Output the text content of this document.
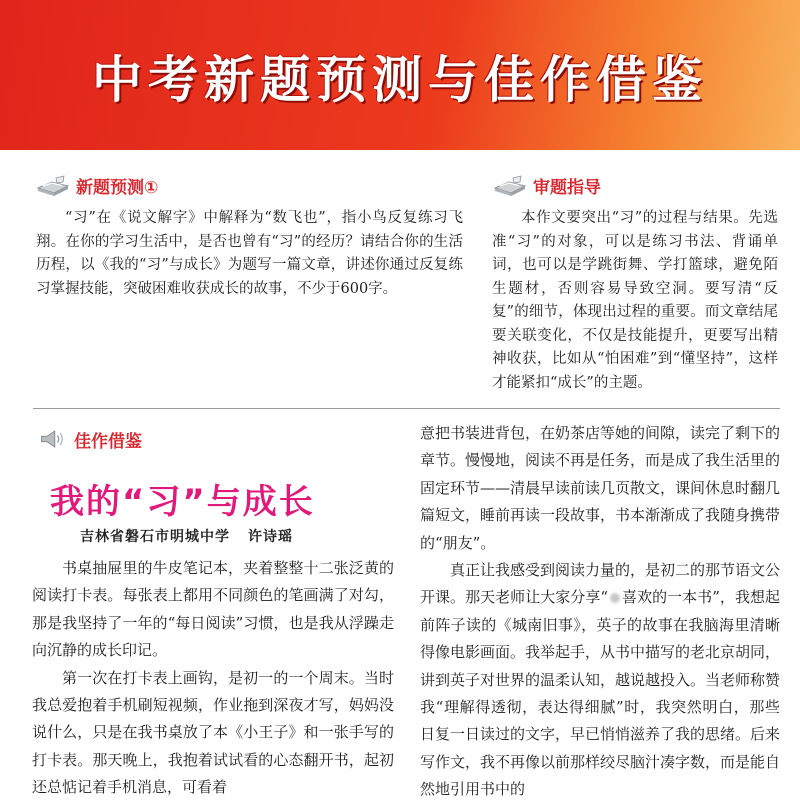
中考新题预测与佳作借鉴
新题预测①

“习”在《说文解字》中解释为“数飞也”，指小鸟反复练习飞翔。在你的学习生活中，是否也曾有“习”的经历？请结合你的生活历程，以《我的“习”与成长》为题写一篇文章，讲述你通过反复练习掌握技能，突破困难收获成长的故事，不少于600字。

审题指导

本作文要突出“习”的过程与结果。先选准“习”的对象，可以是练习书法、背诵单词，也可以是学跳街舞、学打篮球，避免陌生题材，否则容易导致空洞。要写清“反复”的细节，体现出过程的重要。而文章结尾要关联变化，不仅是技能提升，更要写出精神收获，比如从“怕困难”到“懂坚持”，这样才能紧扣“成长”的主题。

佳作借鉴
我的“习”与成长
吉林省磐石市明城中学 许诗瑶

书桌抽屉里的牛皮笔记本，夹着整整十二张泛黄的阅读打卡表。每张表上都用不同颜色的笔画满了对勾，那是我坚持了一年的“每日阅读”习惯，也是我从浮躁走向沉静的成长印记。

第一次在打卡表上画钩，是初一的一个周末。当时我总爱抱着手机刷短视频，作业拖到深夜才写，妈妈没说什么，只是在我书桌放了本《小王子》和一张手写的打卡表。那天晚上，我抱着试试看的心态翻开书，起初还总惦记着手机消息，可看着

意把书装进背包，在奶茶店等她的间隙，读完了剩下的章节。慢慢地，阅读不再是任务，而是成了我生活里的固定环节——清晨早读前读几页散文，课间休息时翻几篇短文，睡前再读一段故事，书本渐渐成了我随身携带的“朋友”。

真正让我感受到阅读力量的，是初二的那节语文公开课。那天老师让大家分享“ 喜欢的一本书”，我想起前阵子读的《城南旧事》，英子的故事在我脑海里清晰得像电影画面。我举起手，从书中描写的老北京胡同，讲到英子对世界的温柔认知，越说越投入。当老师称赞我“理解得透彻，表达得细腻”时，我突然明白，那些日复一日读过的文字，早已悄悄滋养了我的思绪。后来写作文，我不再像以前那样绞尽脑汁凑字数，而是能自然地引用书中的
